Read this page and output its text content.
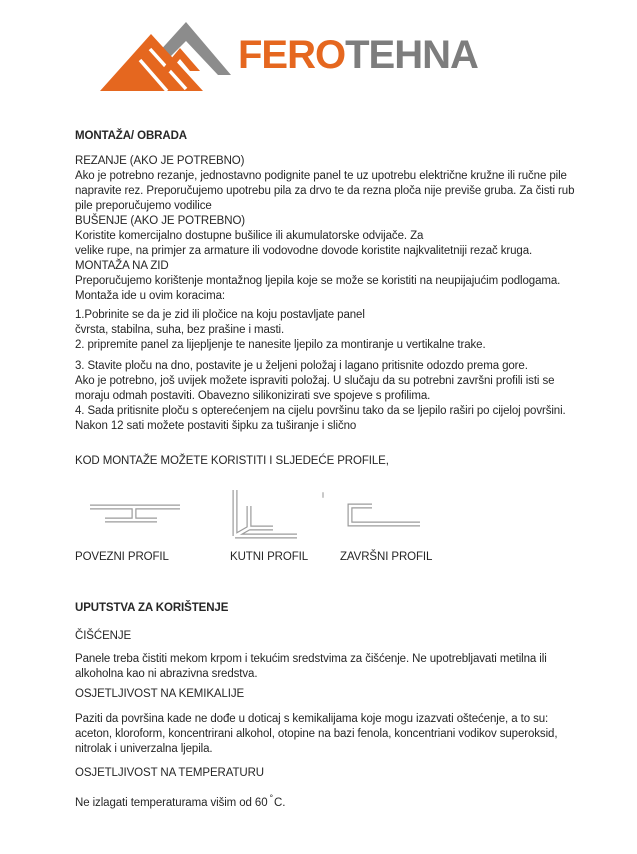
FEROTEHNA
MONTAŽA/ OBRADA
REZANJE (AKO JE POTREBNO)
Ako je potrebno rezanje, jednostavno podignite panel te uz upotrebu električne kružne ili ručne pile
napravite rez. Preporučujemo upotrebu pila za drvo te da rezna ploča nije previše gruba. Za čisti rub
pile preporučujemo vodilice
BUŠENJE (AKO JE POTREBNO)
Koristite komercijalno dostupne bušilice ili akumulatorske odvijače. Za
velike rupe, na primjer za armature ili vodovodne dovode koristite najkvalitetniji rezač kruga.
MONTAŽA NA ZID
Preporučujemo korištenje montažnog ljepila koje se može se koristiti na neupijajućim podlogama.
Montaža ide u ovim koracima:
1.Pobrinite se da je zid ili pločice na koju postavljate panel
čvrsta, stabilna, suha, bez prašine i masti.
2. pripremite panel za lijepljenje te nanesite ljepilo za montiranje u vertikalne trake.
3. Stavite ploču na dno, postavite je u željeni položaj i lagano pritisnite odozdo prema gore.
Ako je potrebno, još uvijek možete ispraviti položaj. U slučaju da su potrebni završni profili isti se
moraju odmah postaviti. Obavezno silikonizirati sve spojeve s profilima.
4. Sada pritisnite ploču s opterećenjem na cijelu površinu tako da se ljepilo raširi po cijeloj površini.
Nakon 12 sati možete postaviti šipku za tuširanje i slično
KOD MONTAŽE MOŽETE KORISTITI I SLJEDEĆE PROFILE,
POVEZNI PROFIL	KUTNI PROFIL	ZAVRŠNI PROFIL
UPUTSTVA ZA KORIŠTENJE
ČIŠĆENJE
Panele treba čistiti mekom krpom i tekućim sredstvima za čišćenje. Ne upotrebljavati metilna ili
alkoholna kao ni abrazivna sredstva.
OSJETLJIVOST NA KEMIKALIJE
Paziti da površina kade ne dođe u doticaj s kemikalijama koje mogu izazvati oštećenje, a to su:
aceton, kloroform, koncentrirani alkohol, otopine na bazi fenola, koncentriani vodikov superoksid,
nitrolak i univerzalna ljepila.
OSJETLJIVOST NA TEMPERATURU
Ne izlagati temperaturama višim od 60 °C.
